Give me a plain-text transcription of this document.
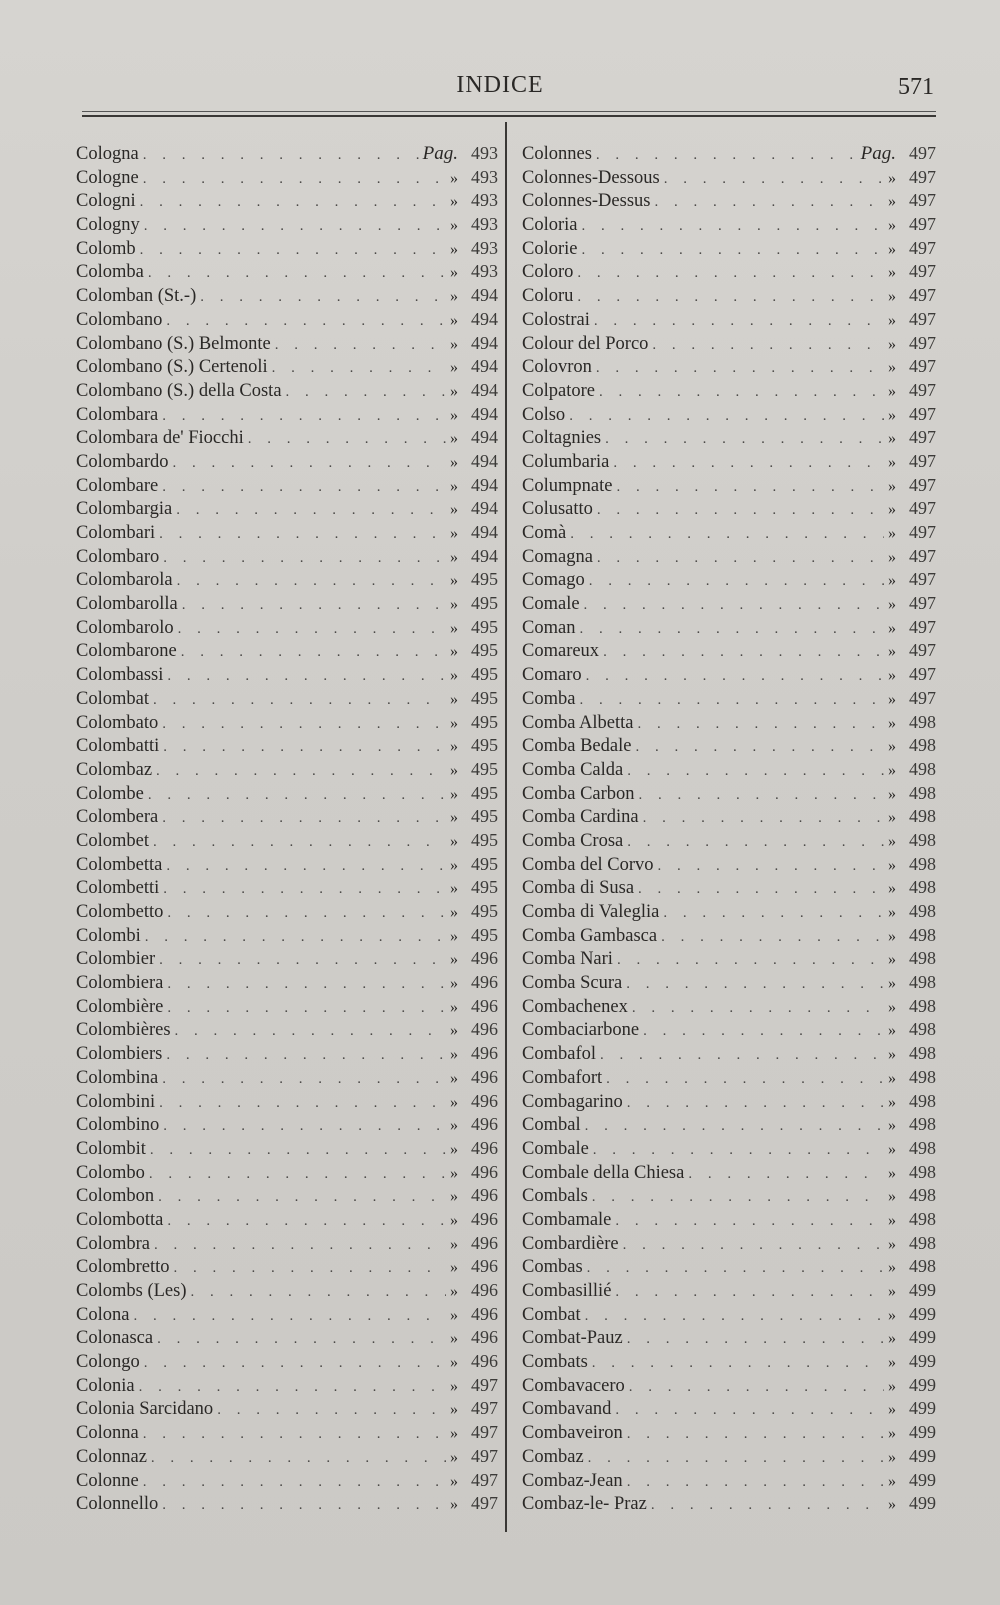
INDICE	571
Cologna . . .	Pag. 493
Cologne . . .	» 493
Cologni . . .	» 493
Cologny . . .	» 493
Colomb . . .	» 493
Colomba . . .	» 493
Colomban (St.-) . . .	» 494
Colombano . . .	» 494
Colombano (S.) Belmonte . . .	» 494
Colombano (S.) Certenoli . . .	» 494
Colombano (S.) della Costa . . .	» 494
Colombara . . .	» 494
Colombara de' Fiocchi . . .	» 494
Colombardo . . .	» 494
Colombare . . .	» 494
Colombargia . . .	» 494
Colombari . . .	» 494
Colombaro . . .	» 494
Colombarola . . .	» 495
Colombarolla . . .	» 495
Colombarolo . . .	» 495
Colombarone . . .	» 495
Colombassi . . .	» 495
Colombat . . .	» 495
Colombato . . .	» 495
Colombatti . . .	» 495
Colombaz . . .	» 495
Colombe . . .	» 495
Colombera . . .	» 495
Colombet . . .	» 495
Colombetta . . .	» 495
Colombetti . . .	» 495
Colombetto . . .	» 495
Colombi . . .	» 495
Colombier . . .	» 496
Colombiera . . .	» 496
Colombière . . .	» 496
Colombières . . .	» 496
Colombiers . . .	» 496
Colombina . . .	» 496
Colombini . . .	» 496
Colombino . . .	» 496
Colombit . . .	» 496
Colombo . . .	» 496
Colombon . . .	» 496
Colombotta . . .	» 496
Colombra . . .	» 496
Colombretto . . .	» 496
Colombs (Les) . . .	» 496
Colona . . .	» 496
Colonasca . . .	» 496
Colongo . . .	» 496
Colonia . . .	» 497
Colonia Sarcidano . . .	» 497
Colonna . . .	» 497
Colonnaz . . .	» 497
Colonne . . .	» 497
Colonnello . . .	» 497
Colonnes . . .	Pag. 497
Colonnes-Dessous . . .	» 497
Colonnes-Dessus . . .	» 497
Coloria . . .	» 497
Colorie . . .	» 497
Coloro . . .	» 497
Coloru . . .	» 497
Colostrai . . .	» 497
Colour del Porco . . .	» 497
Colovron . . .	» 497
Colpatore . . .	» 497
Colso . . .	» 497
Coltagnies . . .	» 497
Columbaria . . .	» 497
Columpnate . . .	» 497
Colusatto . . .	» 497
Comà . . .	» 497
Comagna . . .	» 497
Comago . . .	» 497
Comale . . .	» 497
Coman . . .	» 497
Comareux . . .	» 497
Comaro . . .	» 497
Comba . . .	» 497
Comba Albetta . . .	» 498
Comba Bedale . . .	» 498
Comba Calda . . .	» 498
Comba Carbon . . .	» 498
Comba Cardina . . .	» 498
Comba Crosa . . .	» 498
Comba del Corvo . . .	» 498
Comba di Susa . . .	» 498
Comba di Valeglia . . .	» 498
Comba Gambasca . . .	» 498
Comba Nari . . .	» 498
Comba Scura . . .	» 498
Combachenex . . .	» 498
Combaciarbone . . .	» 498
Combafol . . .	» 498
Combafort . . .	» 498
Combagarino . . .	» 498
Combal . . .	» 498
Combale . . .	» 498
Combale della Chiesa . . .	» 498
Combals . . .	» 498
Combamale . . .	» 498
Combardière . . .	» 498
Combas . . .	» 498
Combasillié . . .	» 499
Combat . . .	» 499
Combat-Pauz . . .	» 499
Combats . . .	» 499
Combavacero . . .	» 499
Combavand . . .	» 499
Combaveiron . . .	» 499
Combaz . . .	» 499
Combaz-Jean . . .	» 499
Combaz-le- Praz . . .	» 499
